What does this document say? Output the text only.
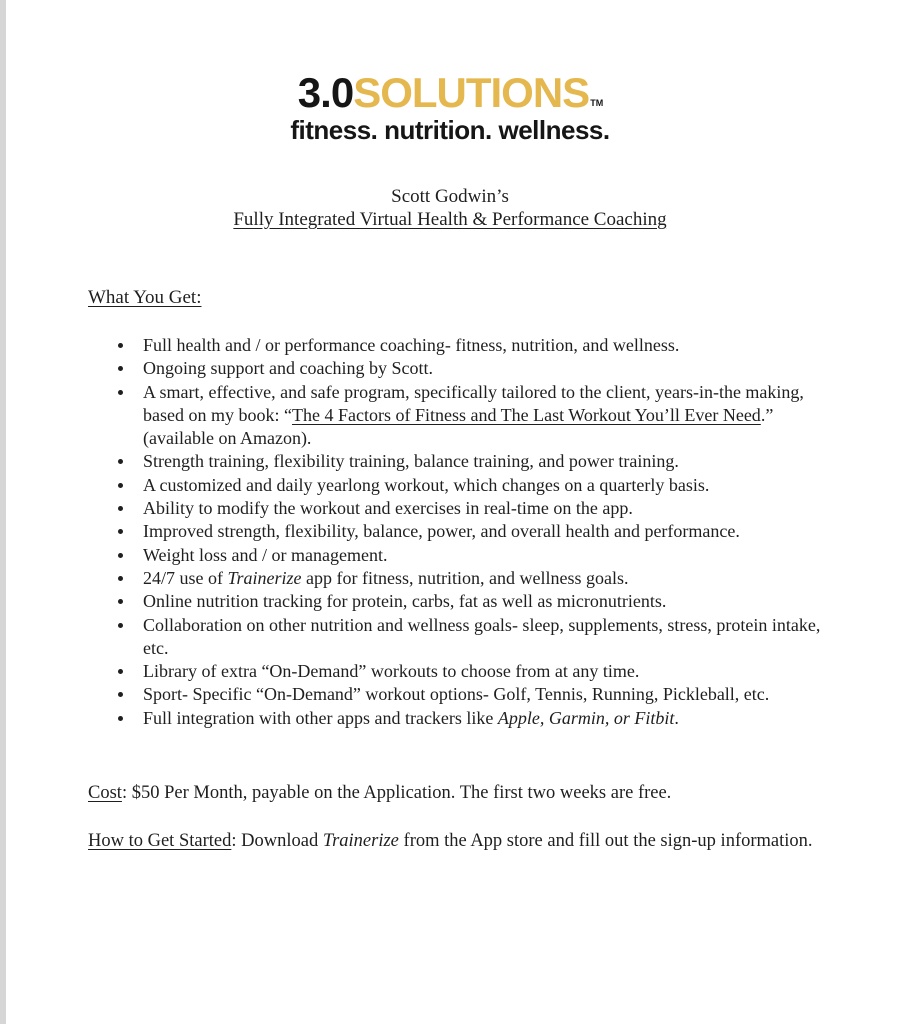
3.0SOLUTIONSTM
fitness. nutrition. wellness.
Scott Godwin’s
Fully Integrated Virtual Health & Performance Coaching
What You Get:
Full health and / or performance coaching- fitness, nutrition, and wellness.
Ongoing support and coaching by Scott.
A smart, effective, and safe program, specifically tailored to the client, years-in-the making, based on my book: “The 4 Factors of Fitness and The Last Workout You’ll Ever Need.” (available on Amazon).
Strength training, flexibility training, balance training, and power training.
A customized and daily yearlong workout, which changes on a quarterly basis.
Ability to modify the workout and exercises in real-time on the app.
Improved strength, flexibility, balance, power, and overall health and performance.
Weight loss and / or management.
24/7 use of Trainerize app for fitness, nutrition, and wellness goals.
Online nutrition tracking for protein, carbs, fat as well as micronutrients.
Collaboration on other nutrition and wellness goals- sleep, supplements, stress, protein intake, etc.
Library of extra “On-Demand” workouts to choose from at any time.
Sport- Specific “On-Demand” workout options- Golf, Tennis, Running, Pickleball, etc.
Full integration with other apps and trackers like Apple, Garmin, or Fitbit.

Cost: $50 Per Month, payable on the Application. The first two weeks are free.

How to Get Started: Download Trainerize from the App store and fill out the sign-up information.
